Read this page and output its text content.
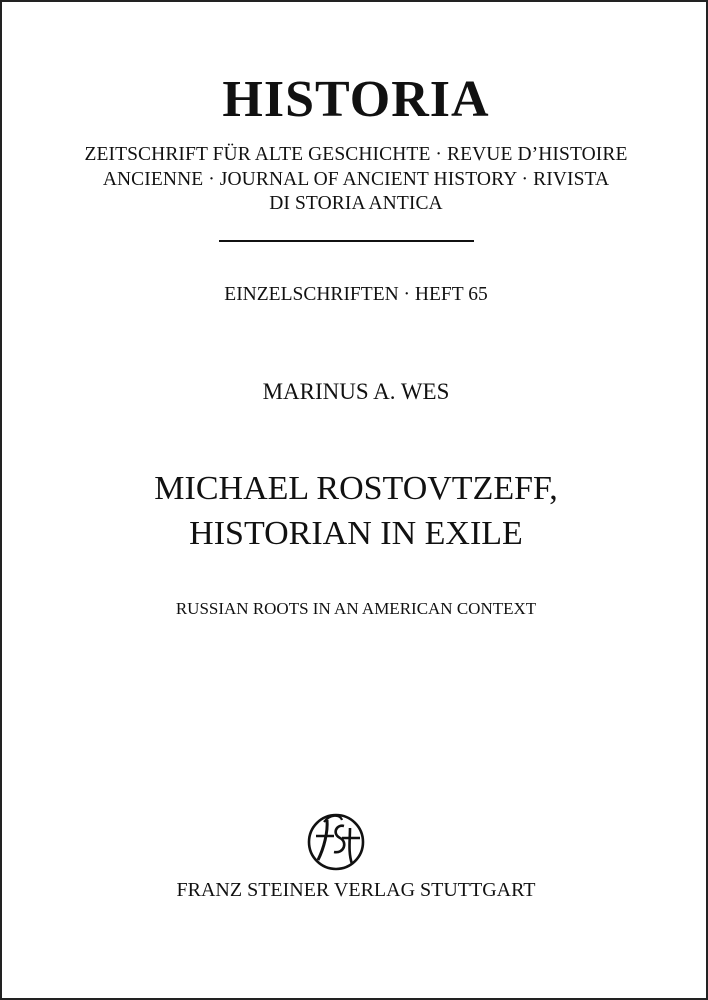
HISTORIA
ZEITSCHRIFT FÜR ALTE GESCHICHTE · REVUE D’HISTOIRE
ANCIENNE · JOURNAL OF ANCIENT HISTORY · RIVISTA
DI STORIA ANTICA
EINZELSCHRIFTEN · HEFT 65
MARINUS A. WES
MICHAEL ROSTOVTZEFF,
HISTORIAN IN EXILE
RUSSIAN ROOTS IN AN AMERICAN CONTEXT
FRANZ STEINER VERLAG STUTTGART
